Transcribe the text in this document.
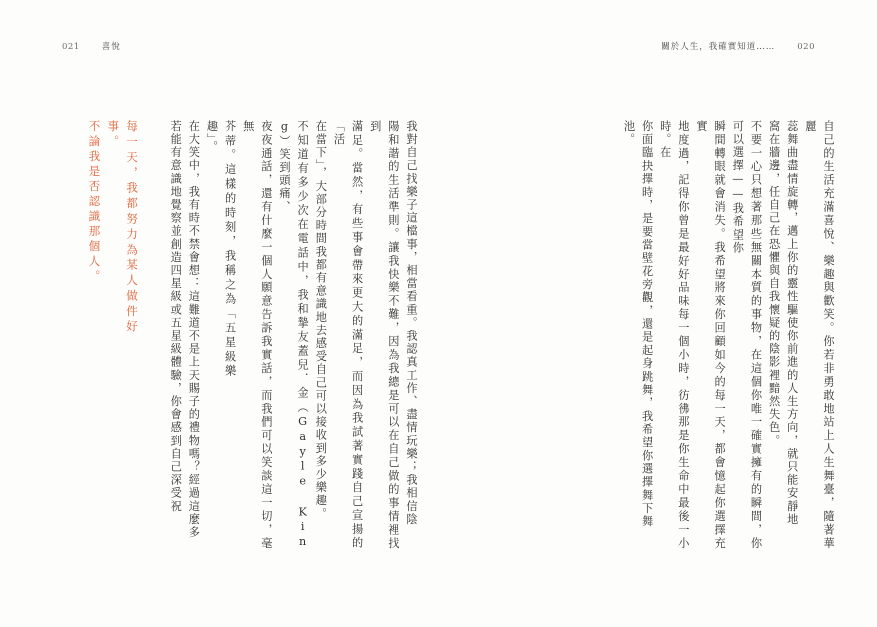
021	喜悅	關於人生，我確實知道……	020
我對自己找樂子這檔事，相當看重。我認真工作、盡情玩樂；我相信陰
陽和諧的生活準則。讓我快樂不難，因為我總是可以在自己做的事情裡找到
滿足。當然，有些事會帶來更大的滿足，而因為我試著實踐自己宣揚的「活
在當下」，大部分時間我都有意識地去感受自己可以接收到多少樂趣。
不知道有多少次在電話中，我和摯友蓋兒．金（Gayle King）笑到頭痛、
夜夜通話，還有什麼一個人願意告訴我實話，而我們可以笑談這一切，毫無
芥蒂。這樣的時刻，我稱之為「五星級樂趣」。
在大笑中，我有時不禁會想：這難道不是上天賜子的禮物嗎？經過這麼多
若能有意識地覺察並創造四星級或五星級體驗，你會感到自己深受祝
每一天，我都努力為某人做件好事。
不論我是否認識那個人。	自己的生活充滿喜悅、樂趣與歡笑。你若非勇敢地站上人生舞臺，隨著華麗
蕊舞曲盡情旋轉，邁上你的靈性驅使你前進的人生方向，就只能安靜地
窩在牆邊，任自己在恐懼與自我懷疑的陰影裡黯然失色。
不要一心只想著那些無關本質的事物，在這個你唯一確實擁有的瞬間，你可以選擇——我希望你
瞬間轉眼就會消失。我希望將來你回顧如今的每一天，都會憶起你選擇充實
地度過，記得你曾是最好好品味每一個小時，彷彿那是你生命中最後一小時。在
你面臨抉擇時，是要當壁花旁觀，還是起身跳舞，我希望你選擇舞下舞池。
